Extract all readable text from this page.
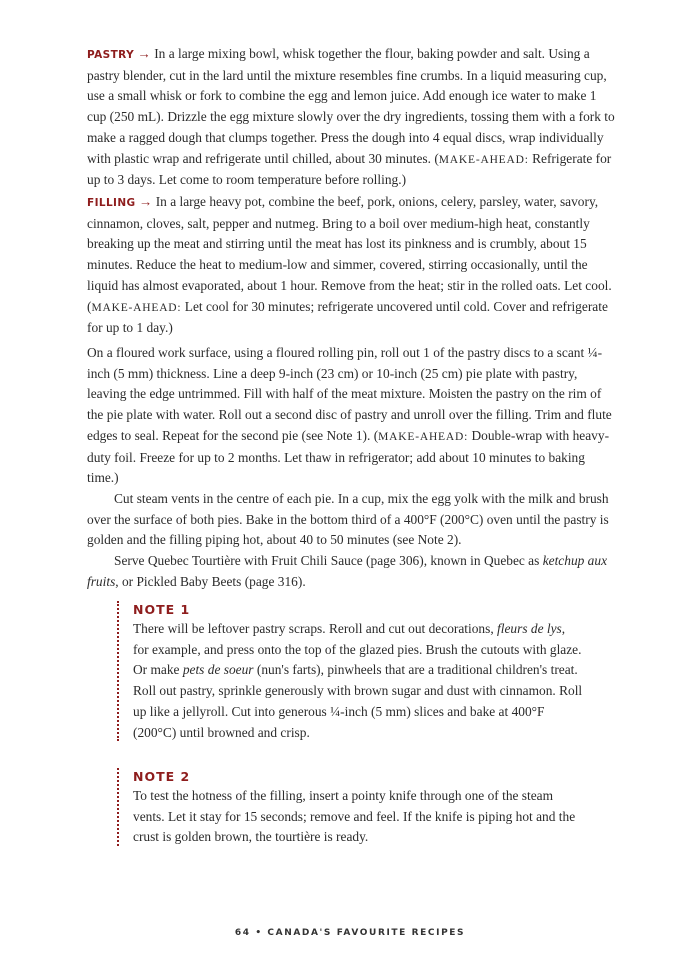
PASTRY → In a large mixing bowl, whisk together the flour, baking powder and salt. Using a pastry blender, cut in the lard until the mixture resembles fine crumbs. In a liquid measuring cup, use a small whisk or fork to combine the egg and lemon juice. Add enough ice water to make 1 cup (250 mL). Drizzle the egg mixture slowly over the dry ingredients, tossing them with a fork to make a ragged dough that clumps together. Press the dough into 4 equal discs, wrap individually with plastic wrap and refrigerate until chilled, about 30 minutes. (MAKE-AHEAD: Refrigerate for up to 3 days. Let come to room temperature before rolling.)

FILLING → In a large heavy pot, combine the beef, pork, onions, celery, parsley, water, savory, cinnamon, cloves, salt, pepper and nutmeg. Bring to a boil over medium-high heat, constantly breaking up the meat and stirring until the meat has lost its pinkness and is crumbly, about 15 minutes. Reduce the heat to medium-low and simmer, covered, stirring occasionally, until the liquid has almost evaporated, about 1 hour. Remove from the heat; stir in the rolled oats. Let cool. (MAKE-AHEAD: Let cool for 30 minutes; refrigerate uncovered until cold. Cover and refrigerate for up to 1 day.)

On a floured work surface, using a floured rolling pin, roll out 1 of the pastry discs to a scant ¼-inch (5 mm) thickness. Line a deep 9-inch (23 cm) or 10-inch (25 cm) pie plate with pastry, leaving the edge untrimmed. Fill with half of the meat mixture. Moisten the pastry on the rim of the pie plate with water. Roll out a second disc of pastry and unroll over the filling. Trim and flute edges to seal. Repeat for the second pie (see Note 1). (MAKE-AHEAD: Double-wrap with heavy-duty foil. Freeze for up to 2 months. Let thaw in refrigerator; add about 10 minutes to baking time.)

Cut steam vents in the centre of each pie. In a cup, mix the egg yolk with the milk and brush over the surface of both pies. Bake in the bottom third of a 400°F (200°C) oven until the pastry is golden and the filling piping hot, about 40 to 50 minutes (see Note 2).

Serve Quebec Tourtière with Fruit Chili Sauce (page 306), known in Quebec as ketchup aux fruits, or Pickled Baby Beets (page 316).

NOTE 1

There will be leftover pastry scraps. Reroll and cut out decorations, fleurs de lys, for example, and press onto the top of the glazed pies. Brush the cutouts with glaze. Or make pets de soeur (nun's farts), pinwheels that are a traditional children's treat. Roll out pastry, sprinkle generously with brown sugar and dust with cinnamon. Roll up like a jellyroll. Cut into generous ¼-inch (5 mm) slices and bake at 400°F (200°C) until browned and crisp.

NOTE 2

To test the hotness of the filling, insert a pointy knife through one of the steam vents. Let it stay for 15 seconds; remove and feel. If the knife is piping hot and the crust is golden brown, the tourtière is ready.

64 • CANADA'S FAVOURITE RECIPES
